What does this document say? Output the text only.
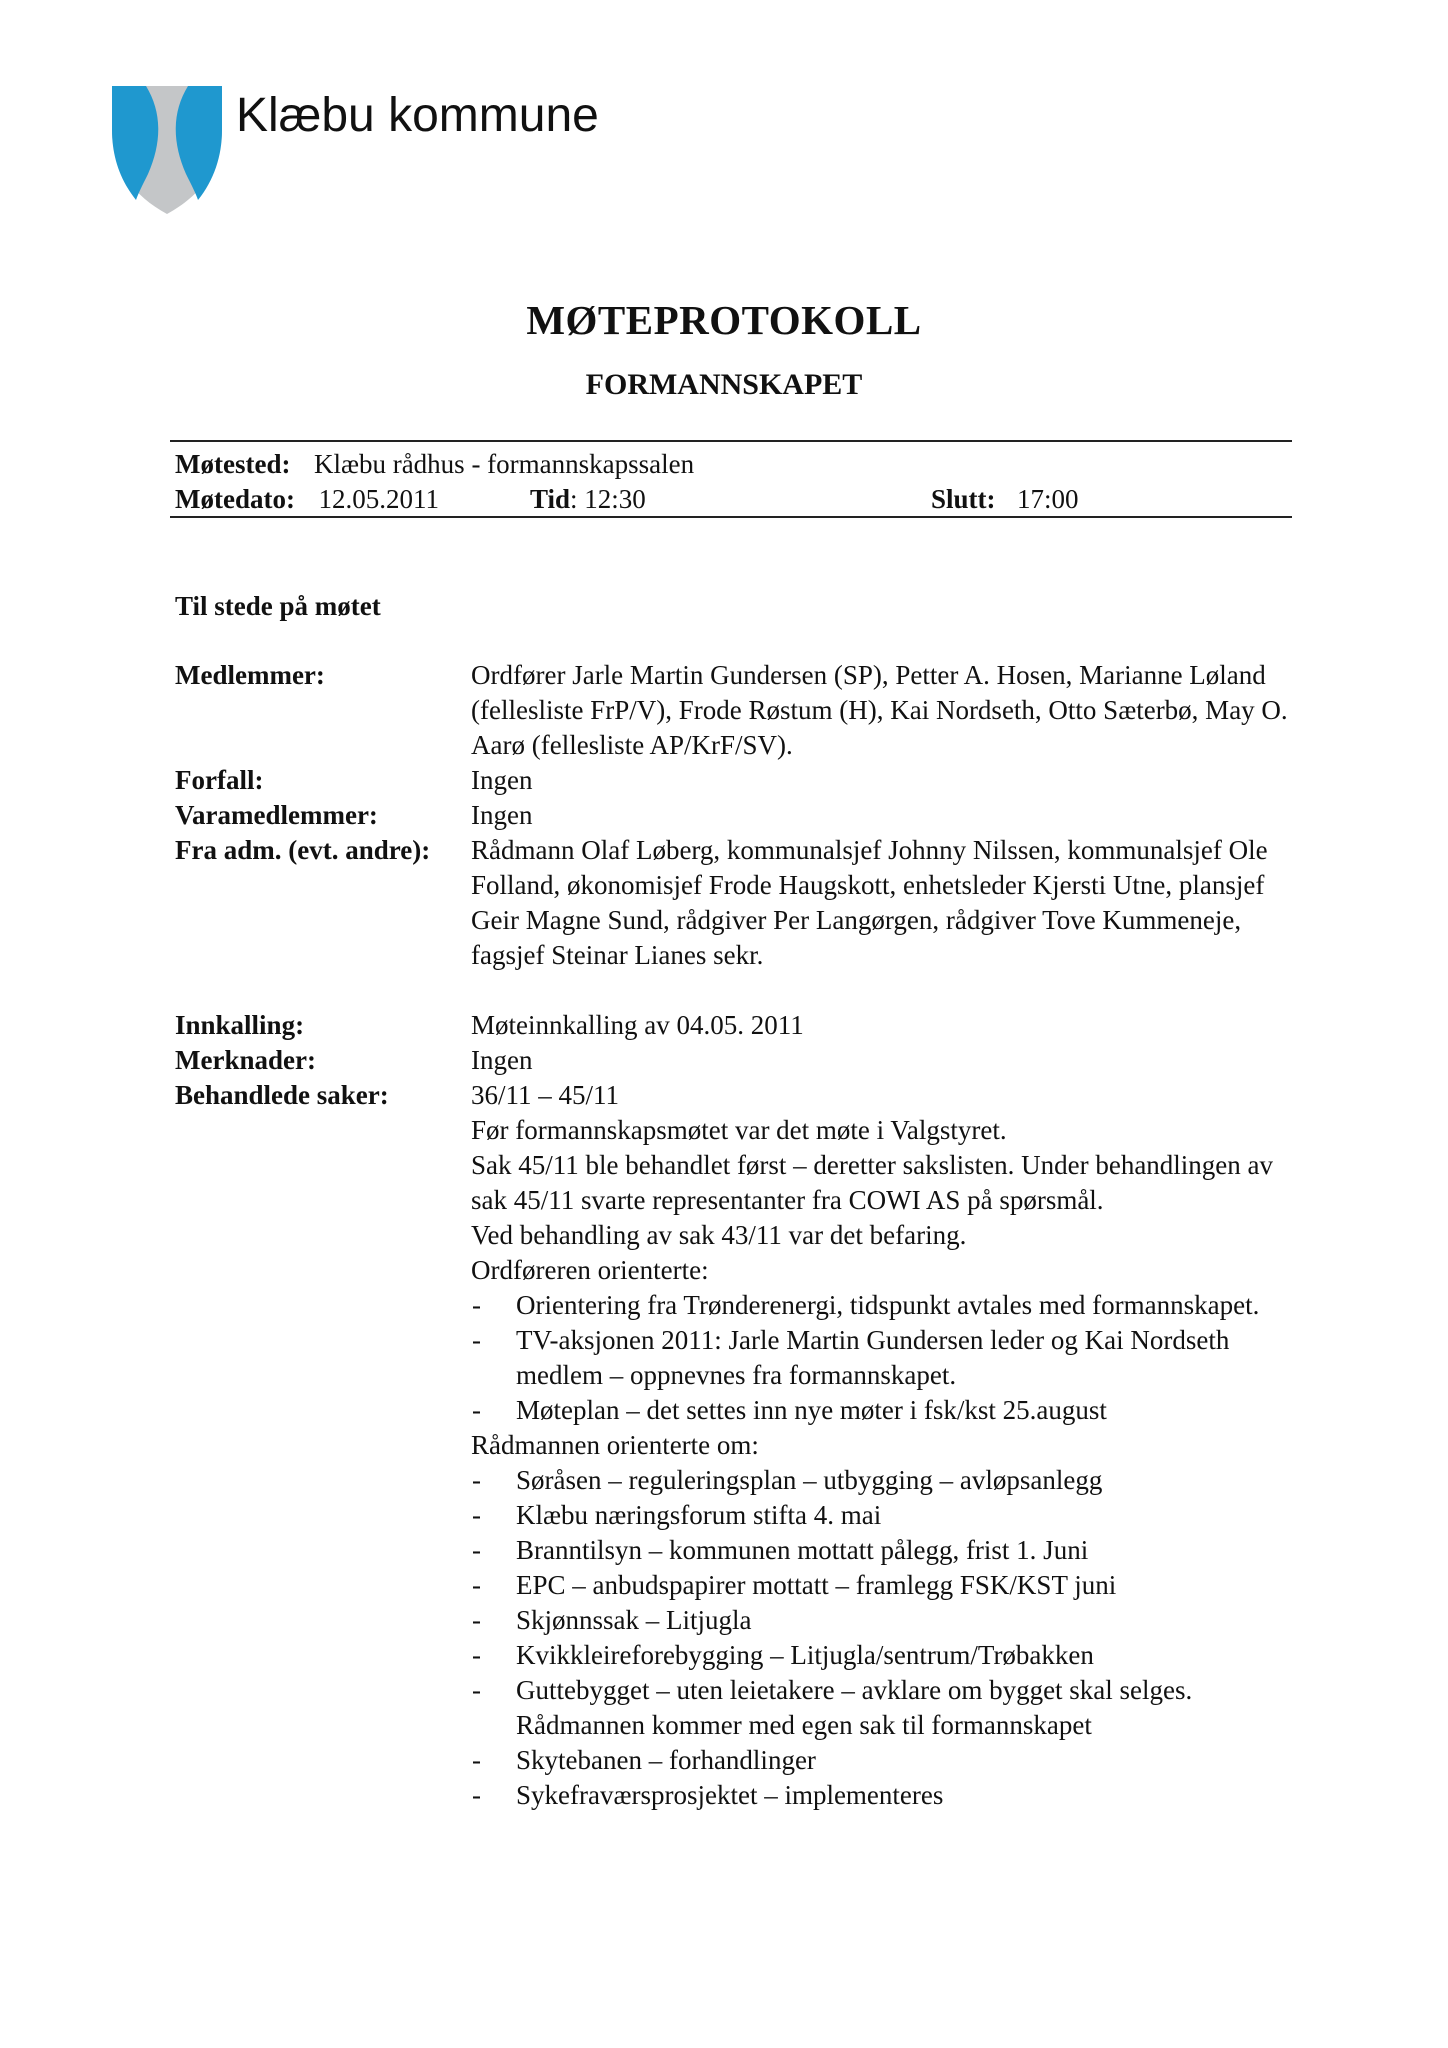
Klæbu kommune
MØTEPROTOKOLL
FORMANNSKAPET
Møtested: Klæbu rådhus - formannskapssalen
Møtedato: 12.05.2011	Tid: 12:30	Slutt: 17:00
Til stede på møtet
Medlemmer:	Ordfører Jarle Martin Gundersen (SP), Petter A. Hosen, Marianne Løland (fellesliste FrP/V), Frode Røstum (H), Kai Nordseth, Otto Sæterbø, May O. Aarø (fellesliste AP/KrF/SV).
Forfall:	Ingen
Varamedlemmer:	Ingen
Fra adm. (evt. andre):	Rådmann Olaf Løberg, kommunalsjef Johnny Nilssen, kommunalsjef Ole Folland, økonomisjef Frode Haugskott, enhetsleder Kjersti Utne, plansjef Geir Magne Sund, rådgiver Per Langørgen, rådgiver Tove Kummeneje, fagsjef Steinar Lianes sekr.
Innkalling:	Møteinnkalling av 04.05. 2011
Merknader:	Ingen
Behandlede saker:	36/11 – 45/11
Før formannskapsmøtet var det møte i Valgstyret.
Sak 45/11 ble behandlet først – deretter sakslisten. Under behandlingen av sak 45/11 svarte representanter fra COWI AS på spørsmål.
Ved behandling av sak 43/11 var det befaring.
Ordføreren orienterte:
- Orientering fra Trønderenergi, tidspunkt avtales med formannskapet.
- TV-aksjonen 2011: Jarle Martin Gundersen leder og Kai Nordseth medlem – oppnevnes fra formannskapet.
- Møteplan – det settes inn nye møter i fsk/kst 25.august
Rådmannen orienterte om:
- Søråsen – reguleringsplan – utbygging – avløpsanlegg
- Klæbu næringsforum stifta 4. mai
- Branntilsyn – kommunen mottatt pålegg, frist 1. Juni
- EPC – anbudspapirer mottatt – framlegg FSK/KST juni
- Skjønnssak – Litjugla
- Kvikkleireforebygging – Litjugla/sentrum/Trøbakken
- Guttebygget – uten leietakere – avklare om bygget skal selges. Rådmannen kommer med egen sak til formannskapet
- Skytebanen – forhandlinger
- Sykefraværsprosjektet – implementeres
